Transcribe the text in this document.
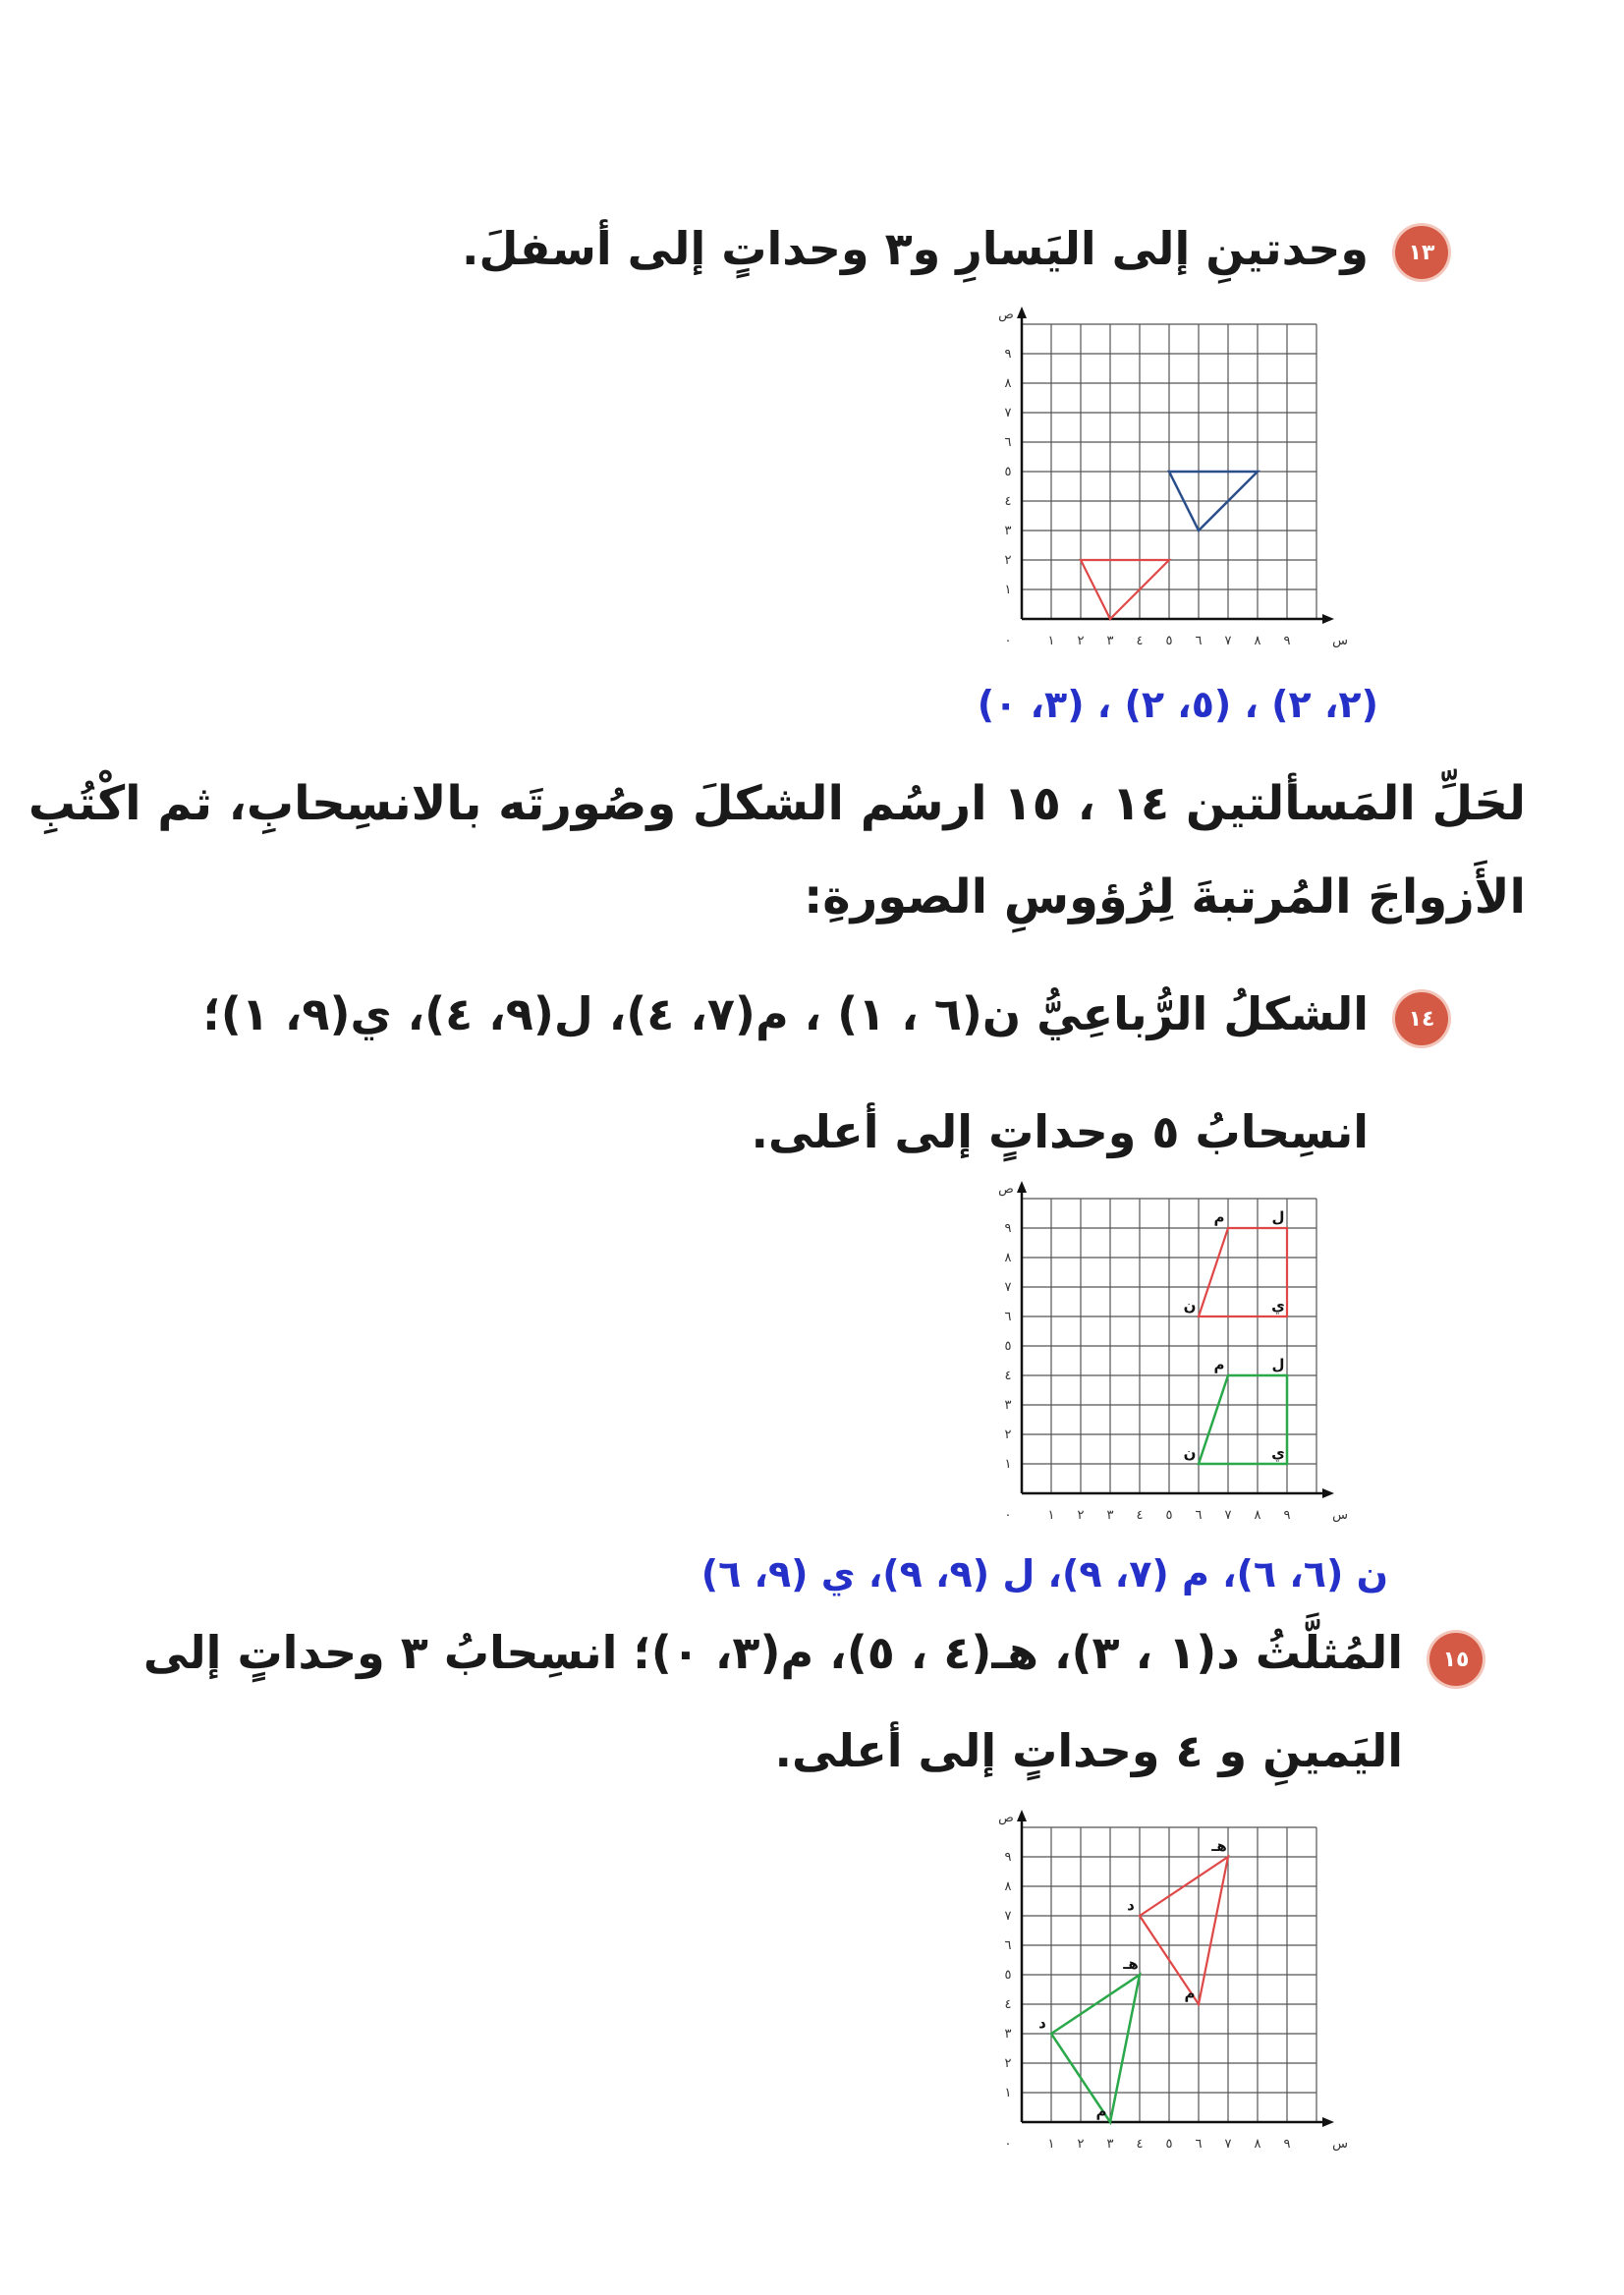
١٣
وحدتينِ إلى اليَسارِ و٣ وحداتٍ إلى أسفلَ.
١ ٢ ٣ ٤ ٥ ٦ ٧ ٨ ٩
١
٢
٣
٤
٥
٦
٧
٨
٩
٠	س
ص
(٢، ٢) ، (٥، ٢) ، (٣، ٠)
لحَلِّ المَسألتين ١٤ ، ١٥ ارسُم الشكلَ وصُورتَه بالانسِحابِ، ثم اكْتُبِ
الأَزواجَ المُرتبةَ لِرُؤوسِ الصورةِ:
١٤
الشكلُ الرُّباعِيُّ ن(٦ ، ١) ، م(٧، ٤)، ل(٩، ٤)، ي(٩، ١)؛
انسِحابُ ٥ وحداتٍ إلى أعلى.
١ ٢ ٣ ٤ ٥ ٦ ٧ ٨ ٩
١
٢
٣
٤
٥
٦
٧
٨
٩
٠	س
ص
ن
م	ل
ي
ن
م	ل
ي
ن (٦، ٦)، م (٧، ٩)، ل (٩، ٩)، ي (٩، ٦)
١٥
المُثلَّثُ د(١ ، ٣)، هـ(٤ ، ٥)، م(٣، ٠)؛ انسِحابُ ٣ وحداتٍ إلى
اليَمينِ و ٤ وحداتٍ إلى أعلى.
١ ٢ ٣ ٤ ٥ ٦ ٧ ٨ ٩
١
٢
٣
٤
٥
٦
٧
٨
٩
٠	س
ص
د
هـ
م
د
هـ
م
